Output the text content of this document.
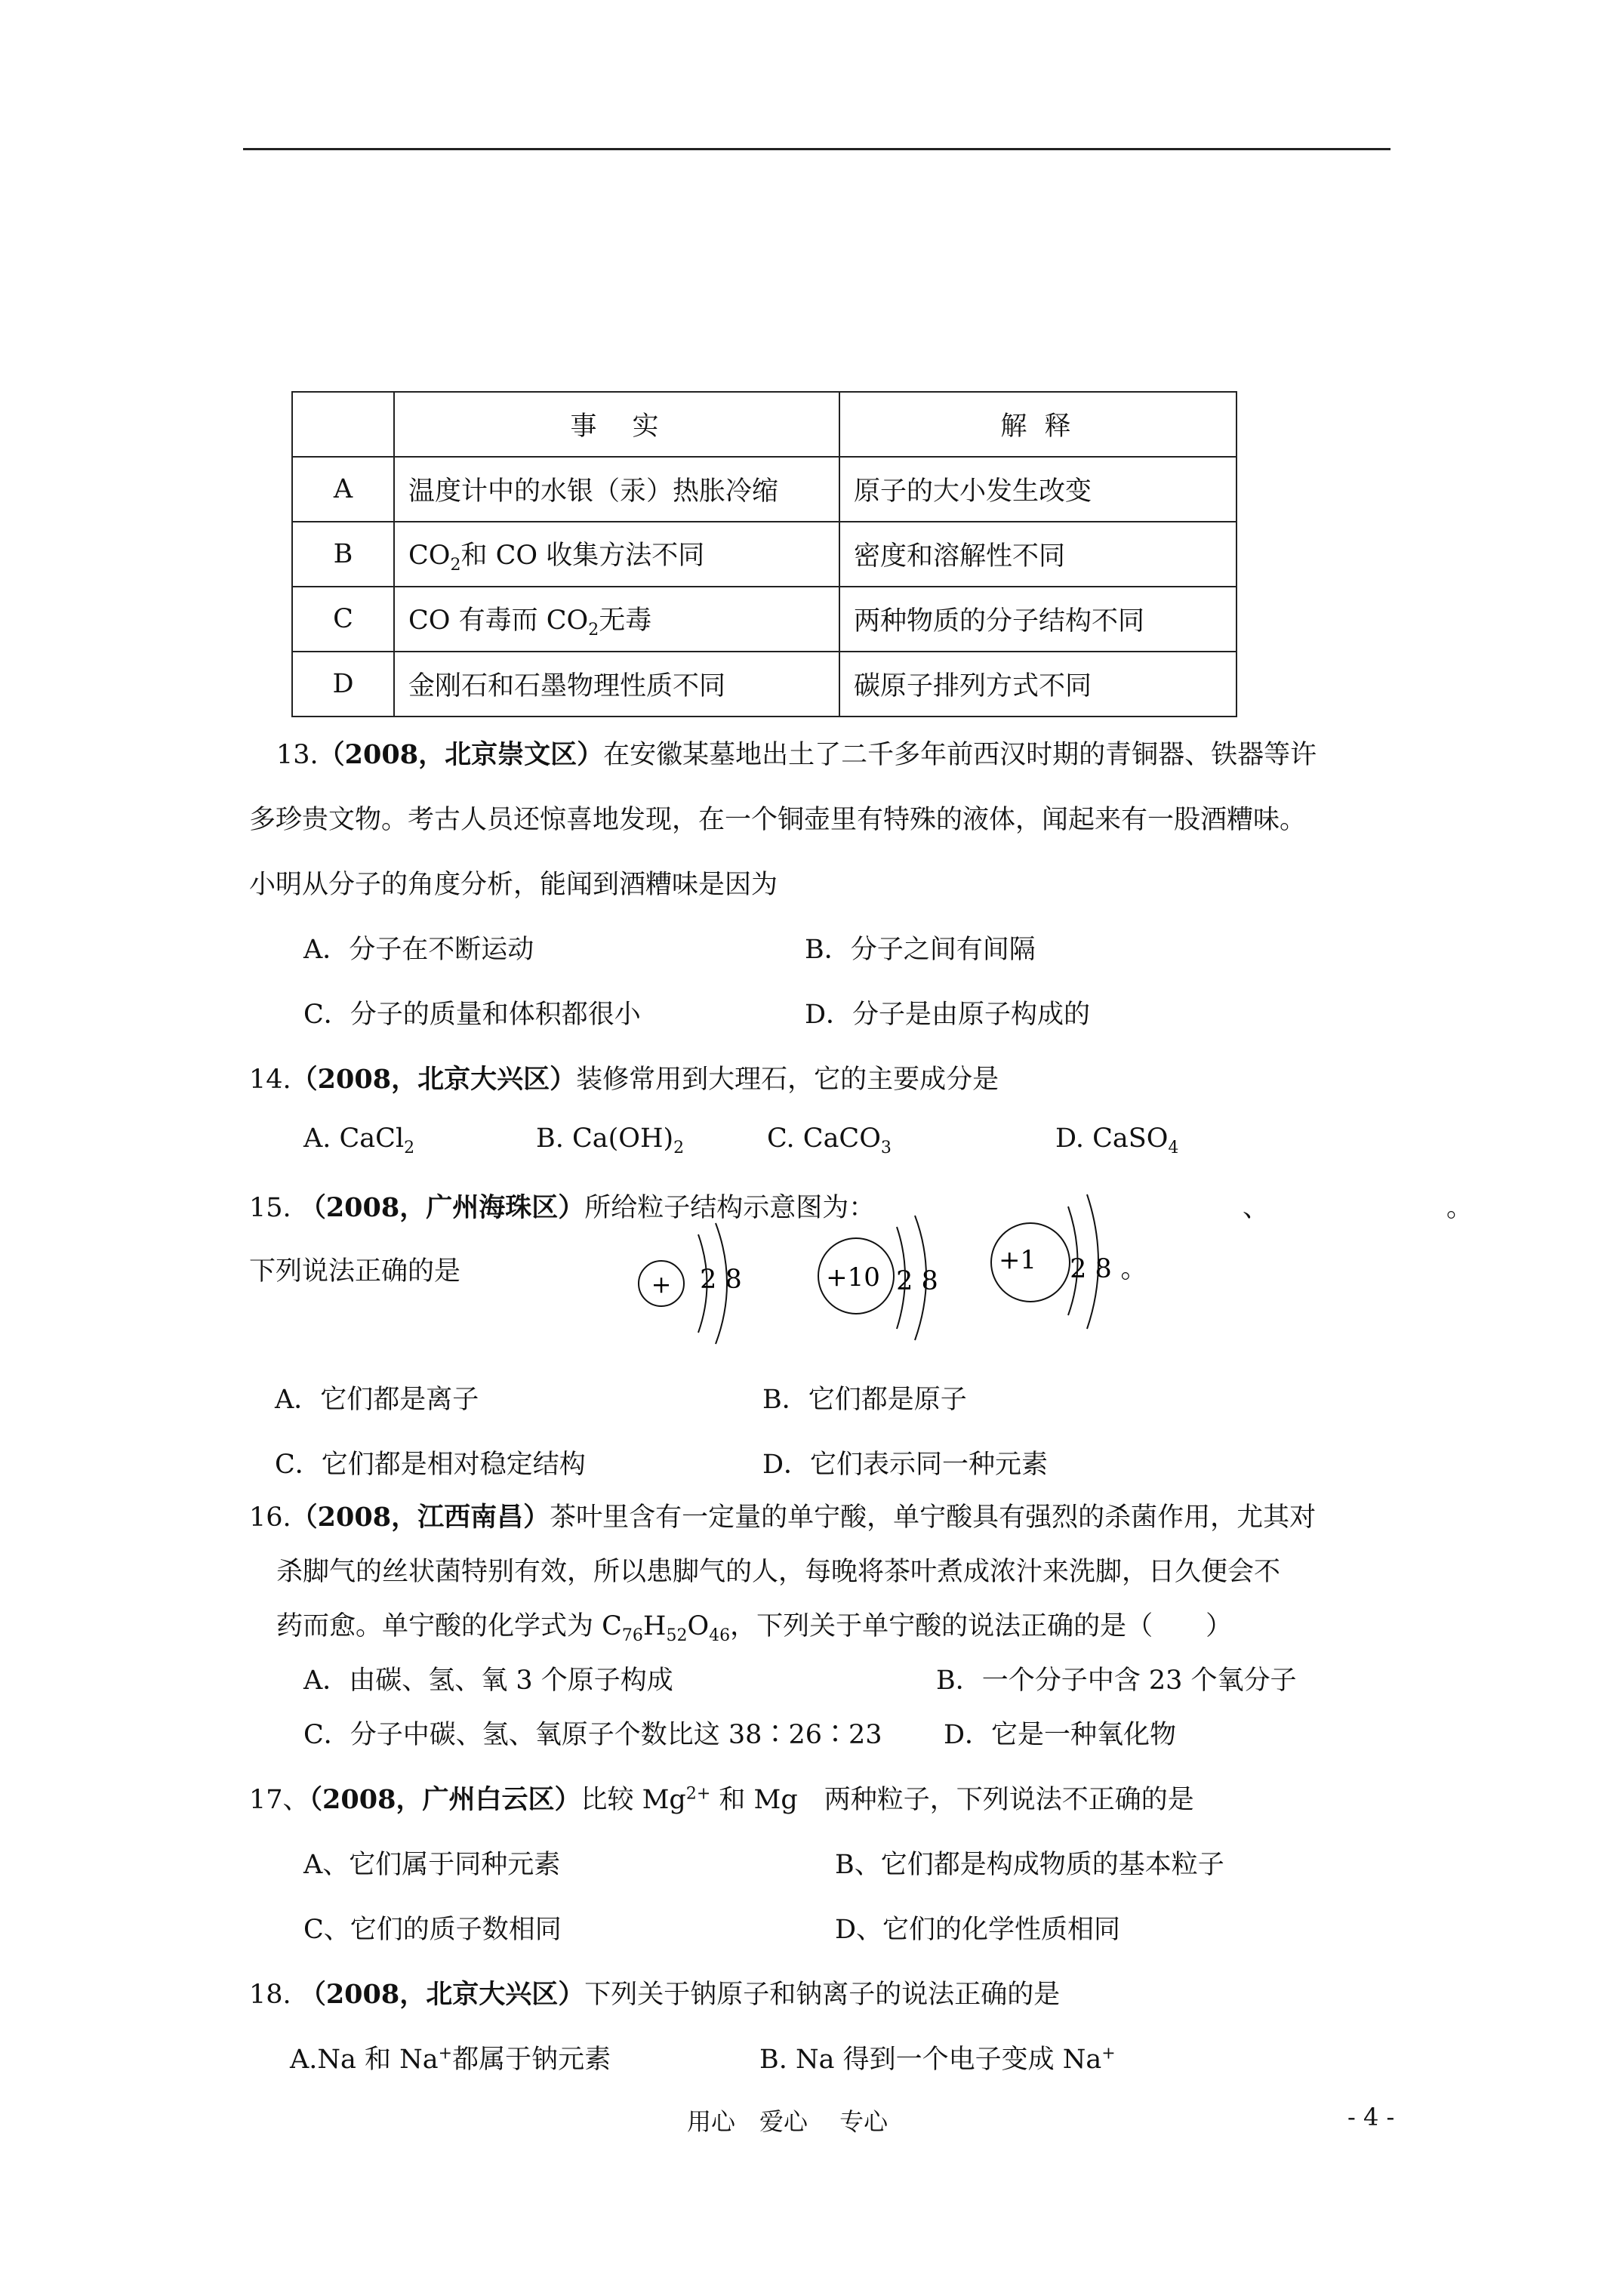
	事　实	解 释
A	温度计中的水银（汞）热胀冷缩	原子的大小发生改变
B	$CO_2$和 CO 收集方法不同	密度和溶解性不同
C	CO 有毒而 $CO_2$无毒	两种物质的分子结构不同
D	金刚石和石墨物理性质不同	碳原子排列方式不同
13.（2008，北京崇文区）在安徽某墓地出土了二千多年前西汉时期的青铜器、铁器等许
多珍贵文物。考古人员还惊喜地发现，在一个铜壶里有特殊的液体，闻起来有一股酒糟味。
小明从分子的角度分析，能闻到酒糟味是因为
A．分子在不断运动	B．分子之间有间隔
C．分子的质量和体积都很小	D．分子是由原子构成的
14.（2008，北京大兴区）装修常用到大理石，它的主要成分是
A. CaCl$_2$	B. $Ca(OH)_2$	C. CaCO$_3$	D. CaSO$_4$
15. （2008，广州海珠区）所给粒子结构示意图为：	、	。
下列说法正确的是	+ 2 8	+10 2 8
+1 2 8 。
A．它们都是离子	B．它们都是原子
C．它们都是相对稳定结构	D．它们表示同一种元素
16.（2008，江西南昌）茶叶里含有一定量的单宁酸，单宁酸具有强烈的杀菌作用，尤其对
杀脚气的丝状菌特别有效，所以患脚气的人，每晚将茶叶煮成浓汁来洗脚，日久便会不
药而愈。单宁酸的化学式为 $C_{76}H_{52}O_{46}$，下列关于单宁酸的说法正确的是（　　）
A．由碳、氢、氧 3 个原子构成	B．一个分子中含 23 个氧分子
C．分子中碳、氢、氧原子个数比这 38∶26∶23 D．它是一种氧化物
17、（2008，广州白云区）比较 $Mg^{2+}$ 和 Mg　两种粒子，下列说法不正确的是
A、它们属于同种元素	B、它们都是构成物质的基本粒子
C、它们的质子数相同	D、它们的化学性质相同
18. （2008，北京大兴区）下列关于钠原子和钠离子的说法正确的是
A.Na 和 Na+都属于钠元素	B. Na 得到一个电子变成 Na+
用心　爱心　 专心	- 4 -
